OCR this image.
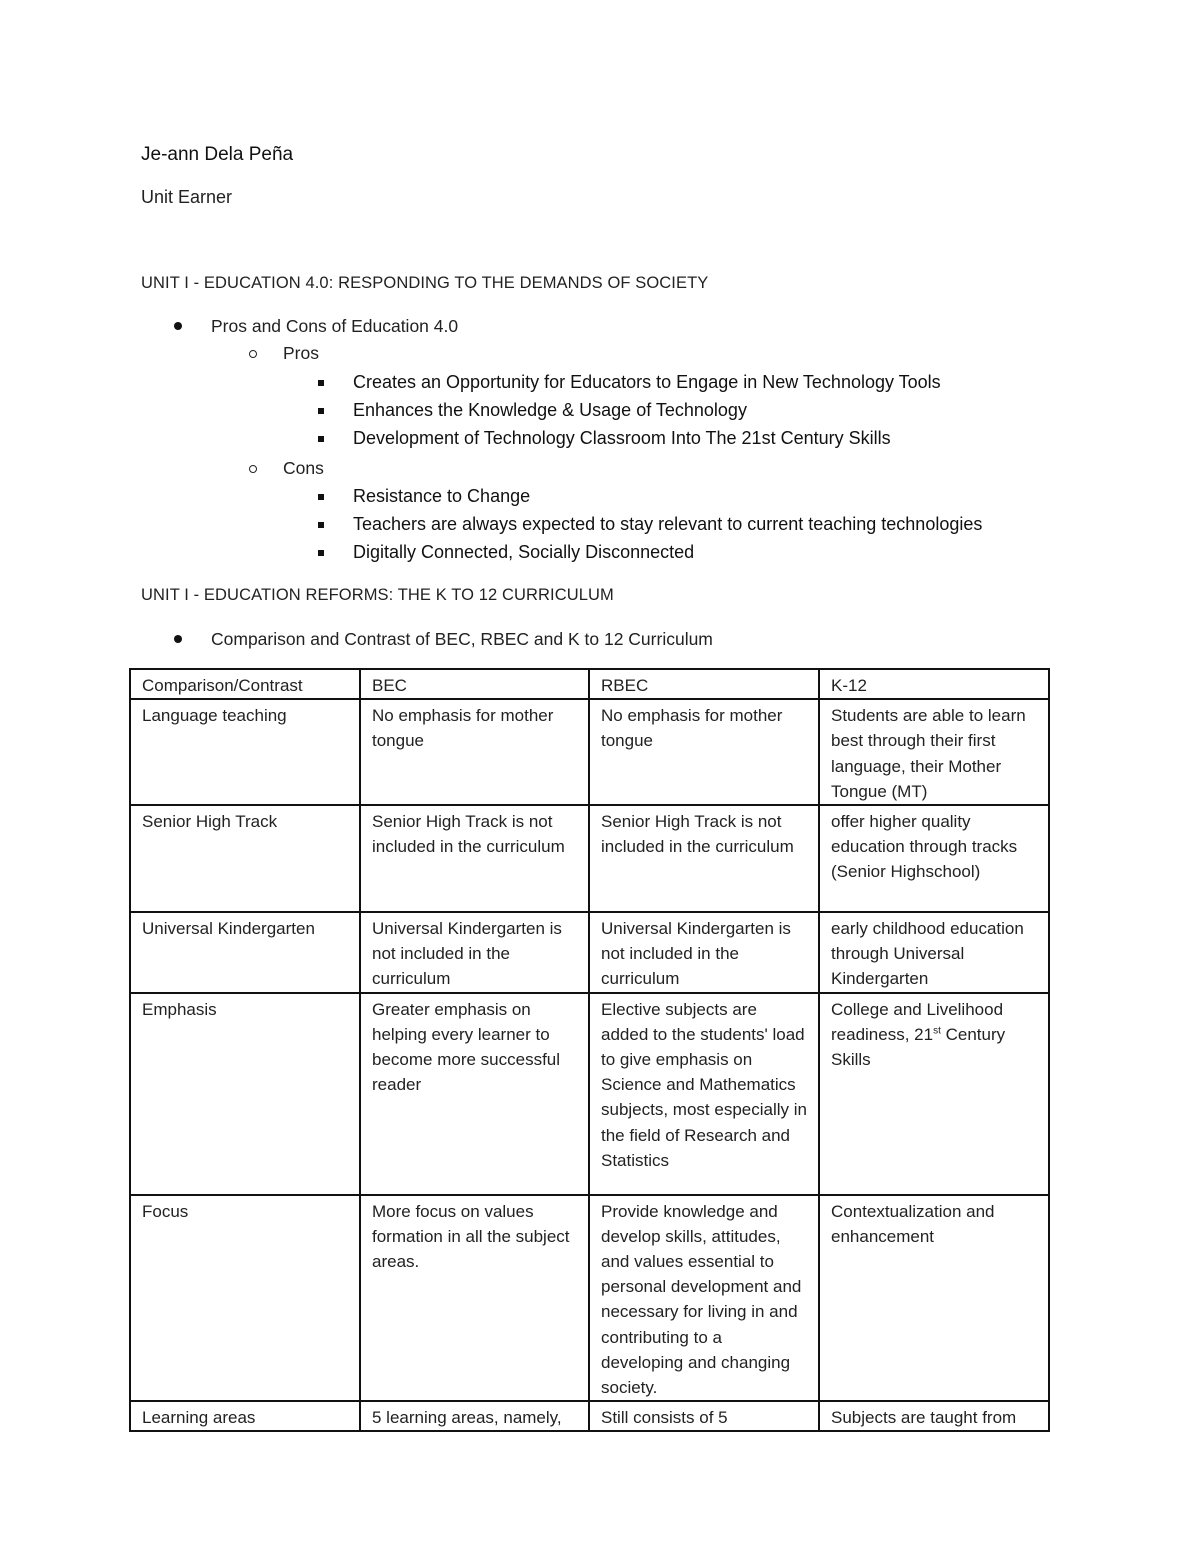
Je-ann Dela Peña
Unit Earner
UNIT I - EDUCATION 4.0: RESPONDING TO THE DEMANDS OF SOCIETY
Pros and Cons of Education 4.0
Pros
Creates an Opportunity for Educators to Engage in New Technology Tools
Enhances the Knowledge & Usage of Technology
Development of Technology Classroom Into The 21st Century Skills
Cons
Resistance to Change
Teachers are always expected to stay relevant to current teaching technologies
Digitally Connected, Socially Disconnected
UNIT I - EDUCATION REFORMS: THE K TO 12 CURRICULUM
Comparison and Contrast of BEC, RBEC and K to 12 Curriculum
Comparison/Contrast	BEC	RBEC	K-12
Language teaching	No emphasis for mother tongue	No emphasis for mother tongue	Students are able to learn best through their first language, their Mother Tongue (MT)
Senior High Track	Senior High Track is not included in the curriculum	Senior High Track is not included in the curriculum	offer higher quality education through tracks (Senior Highschool)
Universal Kindergarten	Universal Kindergarten is not included in the curriculum	Universal Kindergarten is not included in the curriculum	early childhood education through Universal Kindergarten
Emphasis	Greater emphasis on helping every learner to become more successful reader	Elective subjects are added to the students' load to give emphasis on Science and Mathematics subjects, most especially in the field of Research and Statistics	College and Livelihood readiness, 21st Century Skills
Focus	More focus on values formation in all the subject areas.	Provide knowledge and develop skills, attitudes, and values essential to personal development and necessary for living in and contributing to a developing and changing society.	Contextualization and enhancement
Learning areas	5 learning areas, namely,	Still consists of 5	Subjects are taught from
